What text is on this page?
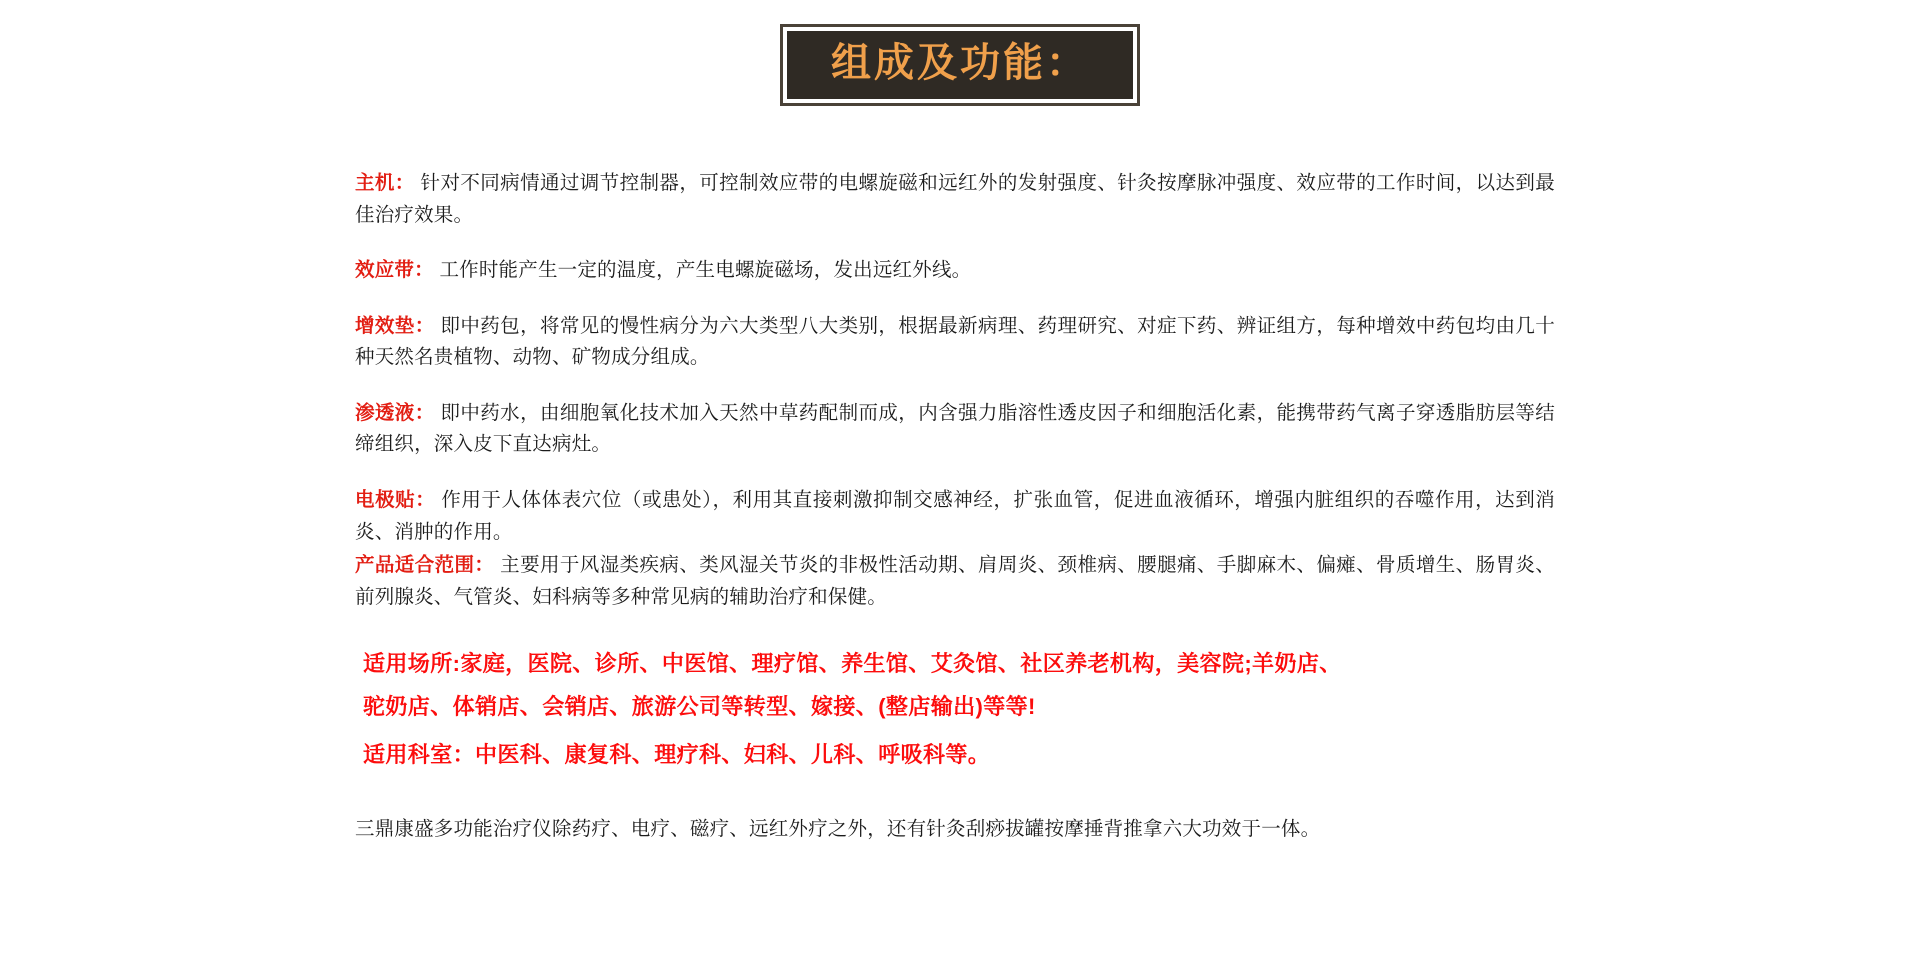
组成及功能：

主机： 针对不同病情通过调节控制器，可控制效应带的电螺旋磁和远红外的发射强度、针灸按摩脉冲强度、效应带的工作时间，以达到最佳治疗效果。

效应带： 工作时能产生一定的温度，产生电螺旋磁场，发出远红外线。

增效垫： 即中药包，将常见的慢性病分为六大类型八大类别，根据最新病理、药理研究、对症下药、辨证组方，每种增效中药包均由几十种天然名贵植物、动物、矿物成分组成。

渗透液： 即中药水，由细胞氧化技术加入天然中草药配制而成，内含强力脂溶性透皮因子和细胞活化素，能携带药气离子穿透脂肪层等结缔组织，深入皮下直达病灶。

电极贴： 作用于人体体表穴位（或患处），利用其直接刺激抑制交感神经，扩张血管，促进血液循环，增强内脏组织的吞噬作用，达到消炎、消肿的作用。

产品适合范围： 主要用于风湿类疾病、类风湿关节炎的非极性活动期、肩周炎、颈椎病、腰腿痛、手脚麻木、偏瘫、骨质增生、肠胃炎、前列腺炎、气管炎、妇科病等多种常见病的辅助治疗和保健。

适用场所:家庭，医院、诊所、中医馆、理疗馆、养生馆、艾灸馆、社区养老机构，美容院;羊奶店、
驼奶店、体销店、会销店、旅游公司等转型、嫁接、(整店输出)等等!
适用科室：中医科、康复科、理疗科、妇科、儿科、呼吸科等。
三鼎康盛多功能治疗仪除药疗、电疗、磁疗、远红外疗之外，还有针灸刮痧拔罐按摩捶背推拿六大功效于一体。
